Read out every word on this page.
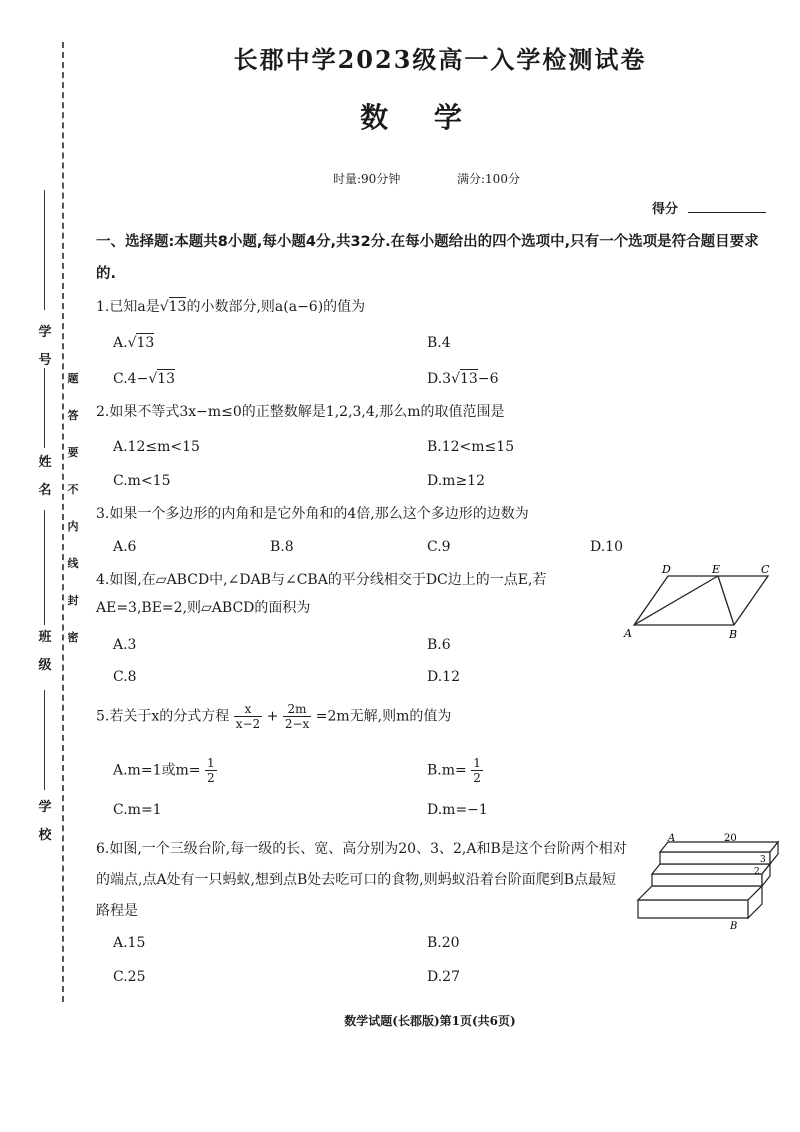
学
号
姓
名
班
级
学
校
题
答
要
不
内
线
封
密
长郡中学2023级高一入学检测试卷
数 学
时量:90分钟	满分:100分
得分
一、选择题:本题共8小题,每小题4分,共32分.在每小题给出的四个选项中,只有一个选项是符合题目要求的.
1.已知a是√13的小数部分,则a(a−6)的值为
A.√13	B.4
C.4−√13	D.3√13−6
2.如果不等式3x−m≤0的正整数解是1,2,3,4,那么m的取值范围是
A.12≤m<15	B.12<m≤15
C.m<15	D.m≥12
3.如果一个多边形的内角和是它外角和的4倍,那么这个多边形的边数为
A.6	B.8	C.9	D.10
4.如图,在▱ABCD中,∠DAB与∠CBA的平分线相交于DC边上的一点E,若AE=3,BE=2,则▱ABCD的面积为
A.3	B.6
C.8	D.12
A	B
C
D	E
5.若关于x的分式方程 $\frac{x}{x-2} + \frac{2m}{2-x} =2m$无解,则m的值为
A.m=1或$m= \frac{1}{2}$	$B.m= \frac{1}{2}$
C.m=1	D.m=−1
6.如图,一个三级台阶,每一级的长、宽、高分别为20、3、2,A和B是这个台阶两个相对的端点,点A处有一只蚂蚁,想到点B处去吃可口的食物,则蚂蚁沿着台阶面爬到B点最短路程是
A.15	B.20
C.25	D.27
A	20
3
2
B
数学试题(长郡版)第1页(共6页)
